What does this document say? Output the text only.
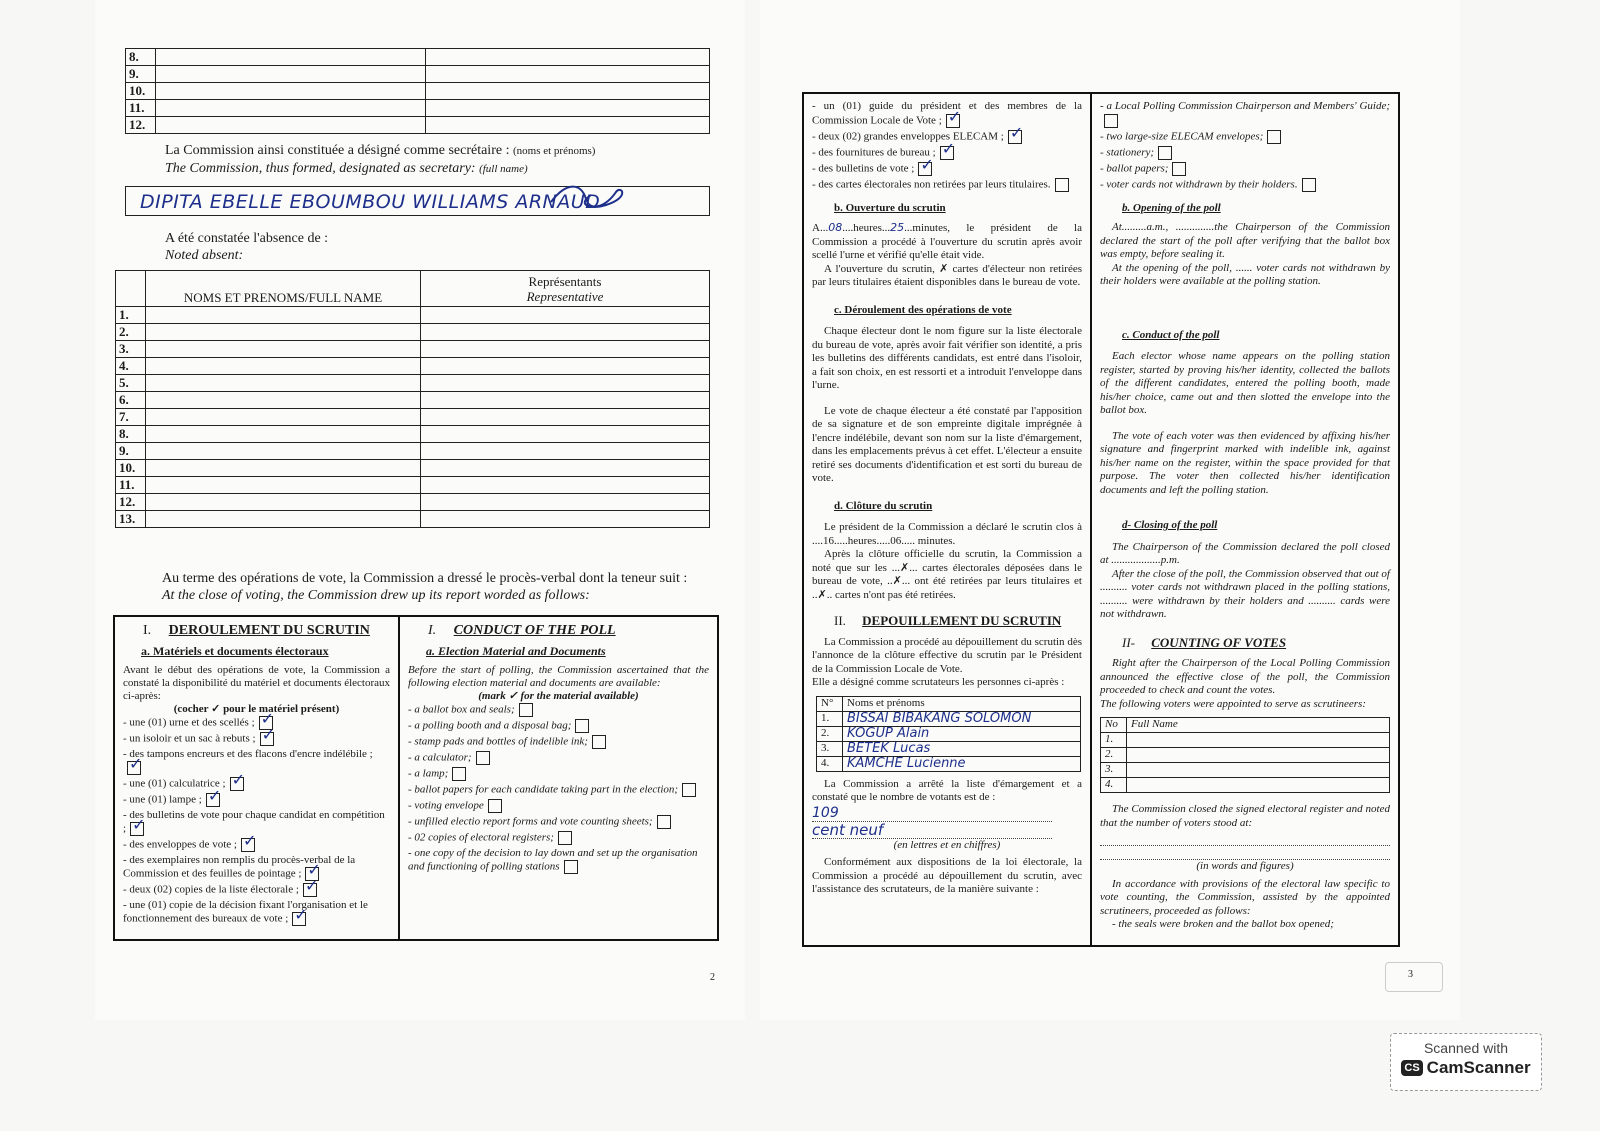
8.		
9.		
10.		
11.		
12.		
La Commission ainsi constituée a désigné comme secrétaire : (noms et prénoms)
The Commission, thus formed, designated as secretary: (full name)
DIPITA EBELLE EBOUMBOU WILLIAMS ARNAUD
A été constatée l'absence de :
Noted absent:
	NOMS ET PRENOMS/FULL NAME	Représentants
Representative

1.		
2.		
3.		
4.		
5.		
6.		
7.		
8.		
9.		
10.		
11.		
12.		
13.		
Au terme des opérations de vote, la Commission a dressé le procès-verbal dont la teneur suit :
At the close of voting, the Commission drew up its report worded as follows:
I. DEROULEMENT DU SCRUTIN
a. Matériels et documents électoraux
Avant le début des opérations de vote, la Commission a constaté la disponibilité du matériel et documents électoraux ci-après:
(cocher ✓ pour le matériel présent)
- une (01) urne et des scellés ;✓
- un isoloir et un sac à rebuts ;✓
- des tampons encreurs et des flacons d'encre indélébile ;✓
- une (01) calculatrice ;✓
- une (01) lampe ;✓
- des bulletins de vote pour chaque candidat en compétition ;✓
- des enveloppes de vote ;✓
- des exemplaires non remplis du procès-verbal de la Commission et des feuilles de pointage ;✓
- deux (02) copies de la liste électorale ;✓
- une (01) copie de la décision fixant l'organisation et le fonctionnement des bureaux de vote ;✓
I. CONDUCT OF THE POLL
a. Election Material and Documents
Before the start of polling, the Commission ascertained that the following election material and documents are available:
(mark ✓ for the material available)
- a ballot box and seals;
- a polling booth and a disposal bag;
- stamp pads and bottles of indelible ink;
- a calculator;
- a lamp;
- ballot papers for each candidate taking part in the election;
- voting envelope
- unfilled electio report forms and vote counting sheets;
- 02 copies of electoral registers;
- one copy of the decision to lay down and set up the organisation and functioning of polling stations
2
- un (01) guide du président et des membres de la Commission Locale de Vote ;✓
- deux (02) grandes enveloppes ELECAM ;✓
- des fournitures de bureau ;✓
- des bulletins de vote ;✓
- des cartes électorales non retirées par leurs titulaires.
b. Ouverture du scrutin
A...08....heures...25...minutes, le président de la Commission a procédé à l'ouverture du scrutin après avoir scellé l'urne et vérifié qu'elle était vide.
A l'ouverture du scrutin, ✗ cartes d'électeur non retirées par leurs titulaires étaient disponibles dans le bureau de vote.
c. Déroulement des opérations de vote
Chaque électeur dont le nom figure sur la liste électorale du bureau de vote, après avoir fait vérifier son identité, a pris les bulletins des différents candidats, est entré dans l'isoloir, a fait son choix, en est ressorti et a introduit l'enveloppe dans l'urne.
Le vote de chaque électeur a été constaté par l'apposition de sa signature et de son empreinte digitale imprégnée à l'encre indélébile, devant son nom sur la liste d'émargement, dans les emplacements prévus à cet effet. L'électeur a ensuite retiré ses documents d'identification et est sorti du bureau de vote.
d. Clôture du scrutin
Le président de la Commission a déclaré le scrutin clos à ....16.....heures.....06..... minutes.
Après la clôture officielle du scrutin, la Commission a noté que sur les ...✗... cartes électorales déposées dans le bureau de vote, ..✗... ont été retirées par leurs titulaires et ..✗.. cartes n'ont pas été retirées.
II. DEPOUILLEMENT DU SCRUTIN
La Commission a procédé au dépouillement du scrutin dès l'annonce de la clôture effective du scrutin par le Président de la Commission Locale de Vote.
Elle a désigné comme scrutateurs les personnes ci-après :
N°	Noms et prénoms
1.	BISSAI BIBAKANG SOLOMON
2.	KOGUP Alain
3.	BETEK Lucas
4.	KAMCHE Lucienne
La Commission a arrêté la liste d'émargement et a constaté que le nombre de votants est de :
109
cent neuf
(en lettres et en chiffres)
Conformément aux dispositions de la loi électorale, la Commission a procédé au dépouillement du scrutin, avec l'assistance des scrutateurs, de la manière suivante :
- a Local Polling Commission Chairperson and Members' Guide;
- two large-size ELECAM envelopes;
- stationery;
- ballot papers;
- voter cards not withdrawn by their holders.
b. Opening of the poll
At.........a.m., ..............the Chairperson of the Commission declared the start of the poll after verifying that the ballot box was empty, before sealing it.
At the opening of the poll, ...... voter cards not withdrawn by their holders were available at the polling station.
c. Conduct of the poll
Each elector whose name appears on the polling station register, started by proving his/her identity, collected the ballots of the different candidates, entered the polling booth, made his/her choice, came out and then slotted the envelope into the ballot box.
The vote of each voter was then evidenced by affixing his/her signature and fingerprint marked with indelible ink, against his/her name on the register, within the space provided for that purpose. The voter then collected his/her identification documents and left the polling station.
d- Closing of the poll
The Chairperson of the Commission declared the poll closed at ..................p.m.
After the close of the poll, the Commission observed that out of .......... voter cards not withdrawn placed in the polling stations, .......... were withdrawn by their holders and .......... cards were not withdrawn.
II- COUNTING OF VOTES
Right after the Chairperson of the Local Polling Commission announced the effective close of the poll, the Commission proceeded to check and count the votes.
The following voters were appointed to serve as scrutineers:
No	Full Name
1.	
2.	
3.	
4.	
The Commission closed the signed electoral register and noted that the number of voters stood at:
(in words and figures)
In accordance with provisions of the electoral law specific to vote counting, the Commission, assisted by the appointed scrutineers, proceeded as follows:
- the seals were broken and the ballot box opened;
3
Scanned with
CS CamScanner
